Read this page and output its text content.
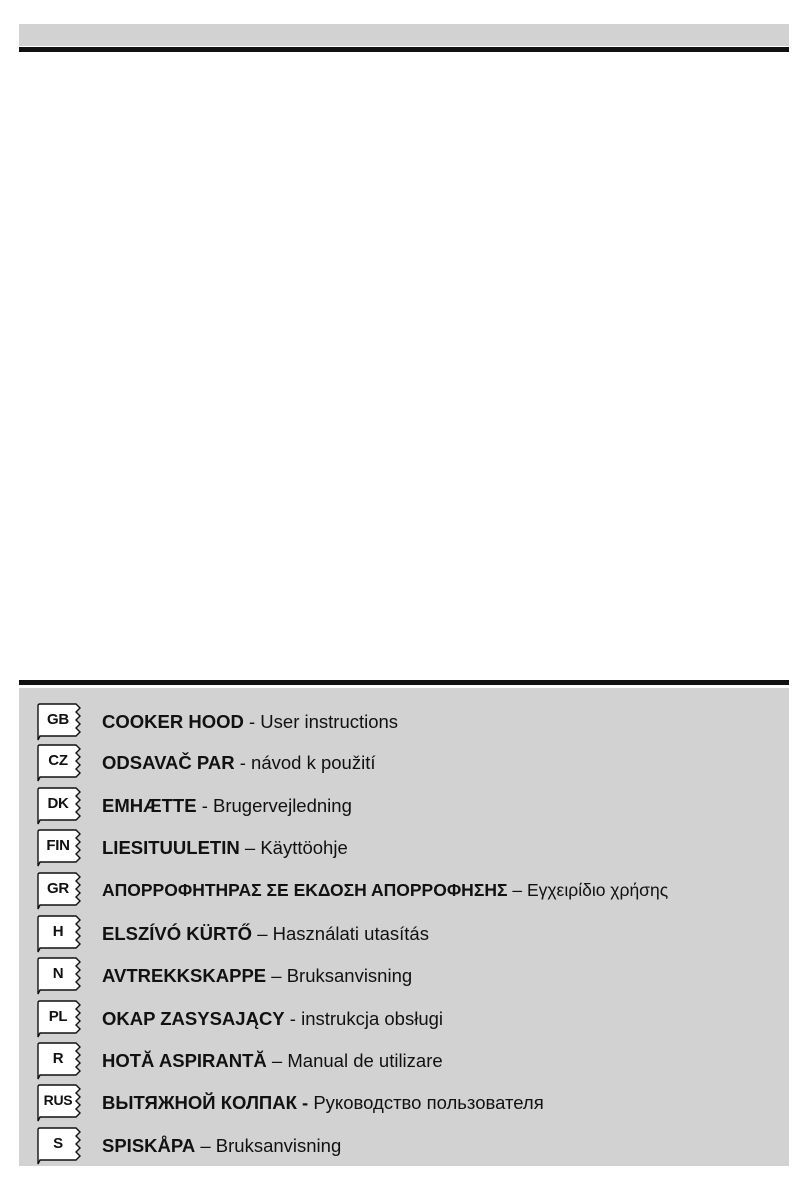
GB	COOKER HOOD - User instructions
CZ	ODSAVAČ PAR - návod k použití
DK	EMHÆTTE - Brugervejledning
FIN	LIESITUULETIN – Käyttöohje
GR	ΑΠΟΡΡΟΦΗΤΗΡΑΣ ΣΕ ΕΚΔΟΣΗ ΑΠΟΡΡΟΦΗΣΗΣ – Εγχειρίδιο χρήσης
H	ELSZÍVÓ KÜRTŐ – Használati utasítás
N	AVTREKKSKAPPE – Bruksanvisning
PL	OKAP ZASYSAJĄCY - instrukcja obsługi
R	HOTĂ ASPIRANTĂ – Manual de utilizare
RUS	ВЫТЯЖНОЙ КОЛПАК - Руководство пользователя
S	SPISKÅPA – Bruksanvisning
